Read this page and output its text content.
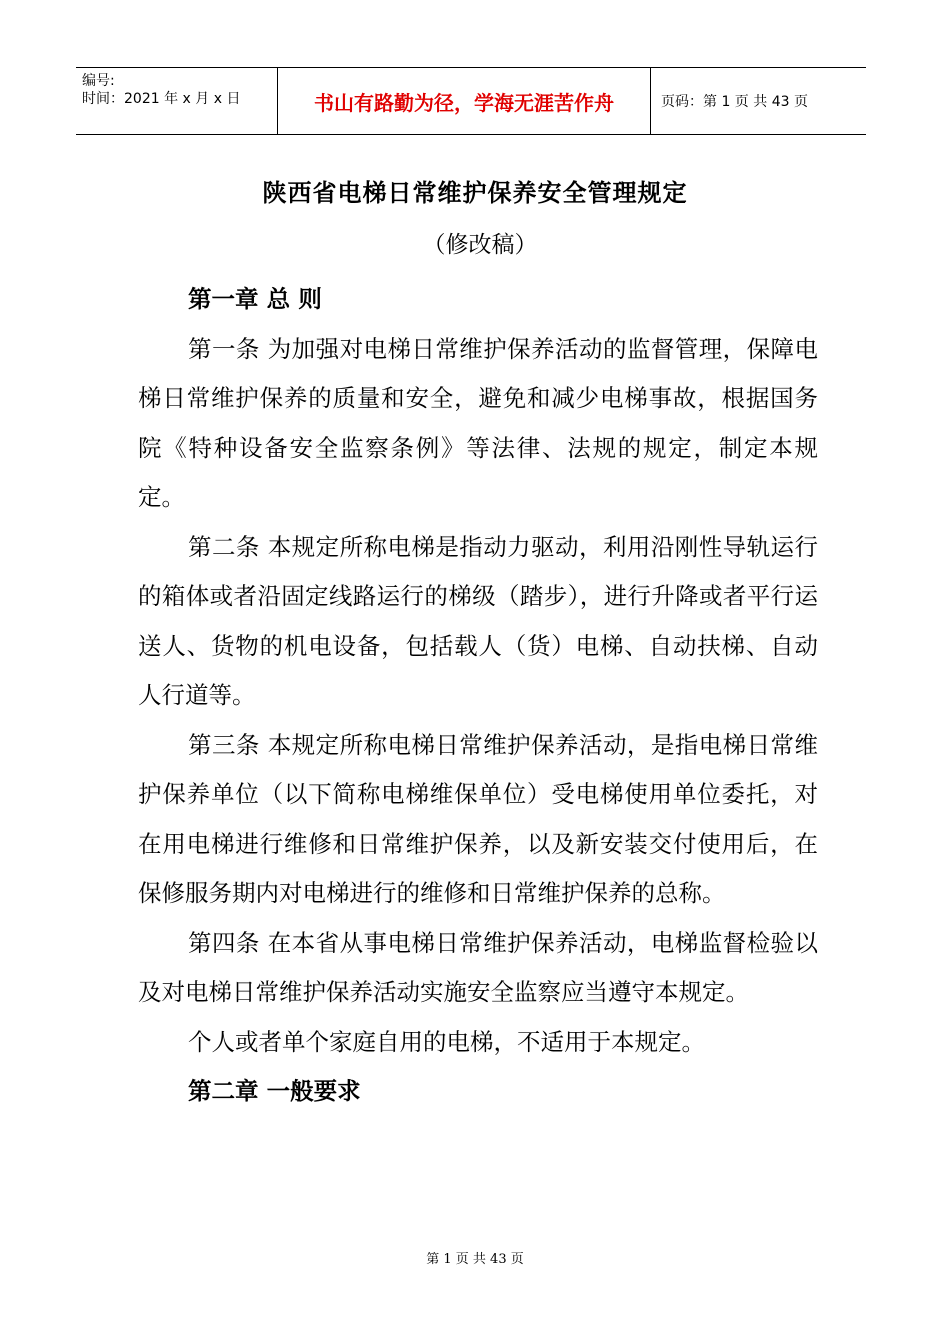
编号:
时间：2021 年 x 月 x 日	书山有路勤为径，学海无涯苦作舟	页码：第 1 页 共 43 页
陕西省电梯日常维护保养安全管理规定
（修改稿）

第一章 总 则

第一条 为加强对电梯日常维护保养活动的监督管理，保障电梯日常维护保养的质量和安全，避免和减少电梯事故，根据国务院《特种设备安全监察条例》等法律、法规的规定，制定本规定。

第二条 本规定所称电梯是指动力驱动，利用沿刚性导轨运行的箱体或者沿固定线路运行的梯级（踏步），进行升降或者平行运送人、货物的机电设备，包括载人（货）电梯、自动扶梯、自动人行道等。

第三条 本规定所称电梯日常维护保养活动，是指电梯日常维护保养单位（以下简称电梯维保单位）受电梯使用单位委托，对在用电梯进行维修和日常维护保养，以及新安装交付使用后，在保修服务期内对电梯进行的维修和日常维护保养的总称。

第四条 在本省从事电梯日常维护保养活动，电梯监督检验以及对电梯日常维护保养活动实施安全监察应当遵守本规定。

个人或者单个家庭自用的电梯，不适用于本规定。

第二章 一般要求

第 1 页 共 43 页
